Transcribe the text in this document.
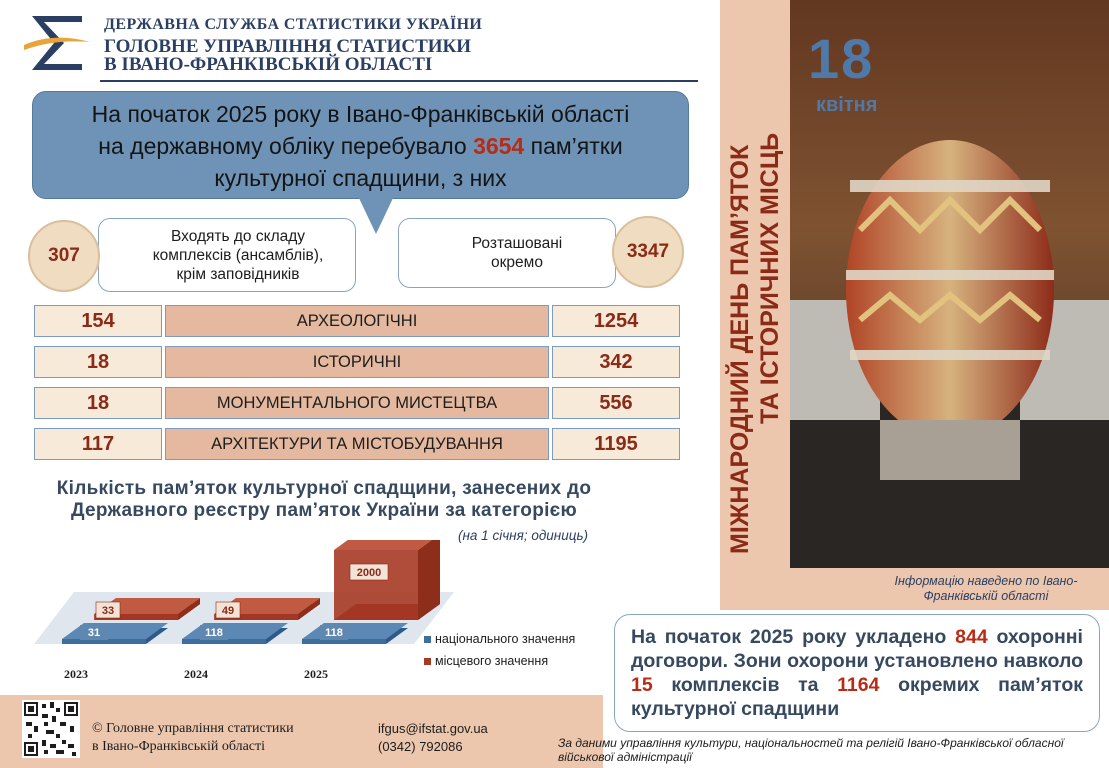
ДЕРЖАВНА СЛУЖБА СТАТИСТИКИ УКРАЇНИ
ГОЛОВНЕ УПРАВЛІННЯ СТАТИСТИКИ
В ІВАНО-ФРАНКІВСЬКІЙ ОБЛАСТІ
На початок 2025 року в Івано-Франківській області
на державному обліку перебувало 3654 пам’ятки
культурної спадщини, з них
Входять до складу комплексів (ансамблів), крім заповідників
307
Розташовані окремо
3347
154	АРХЕОЛОГІЧНІ	1254
18	ІСТОРИЧНІ	342
18	МОНУМЕНТАЛЬНОГО МИСТЕЦТВА	556
117	АРХІТЕКТУРИ ТА МІСТОБУДУВАННЯ	1195
Кількість пам’яток культурної спадщини, занесених до Державного реєстру пам’яток України за категорією
(на 1 січня; одиниць)
33	49
2000
31	118	118
2023	2024	2025
національного значення
місцевого значення
МІЖНАРОДНИЙ ДЕНЬ ПАМ’ЯТОК ТА ІСТОРИЧНИХ МІСЦЬ
18
квітня
Інформацію наведено по Івано-Франківській області
На початок 2025 року укладено 844 охоронні договори. Зони охорони установлено навколо 15 комплексів та 1164 окремих пам’яток культурної спадщини
© Головне управління статистики
в Івано-Франківській області
ifgus@ifstat.gov.ua
(0342) 792086	За даними управління культури, національностей та релігій Івано-Франківської обласної військової адміністрації
